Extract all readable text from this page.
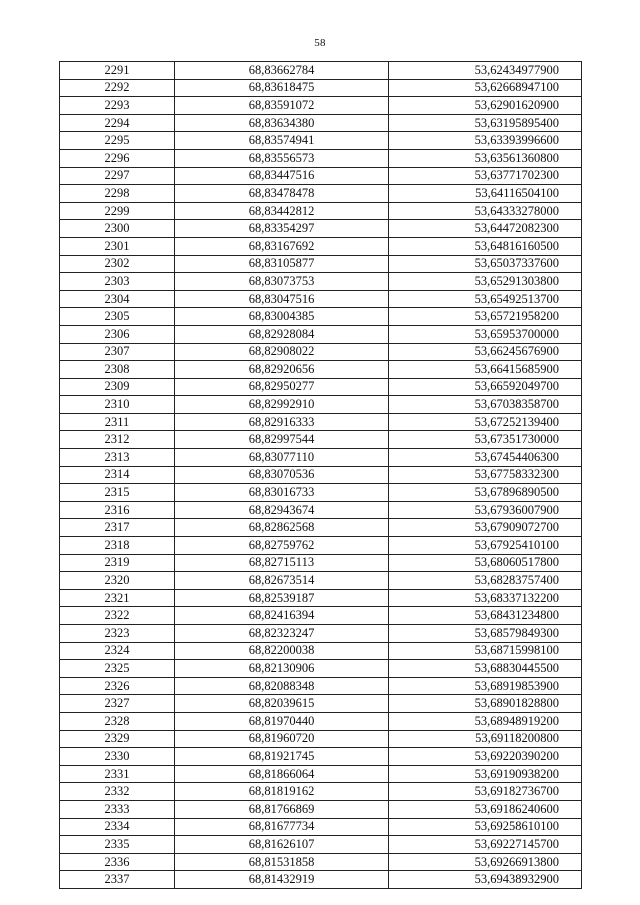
58
2291	68,83662784	53,62434977900
2292	68,83618475	53,62668947100
2293	68,83591072	53,62901620900
2294	68,83634380	53,63195895400
2295	68,83574941	53,63393996600
2296	68,83556573	53,63561360800
2297	68,83447516	53,63771702300
2298	68,83478478	53,64116504100
2299	68,83442812	53,64333278000
2300	68,83354297	53,64472082300
2301	68,83167692	53,64816160500
2302	68,83105877	53,65037337600
2303	68,83073753	53,65291303800
2304	68,83047516	53,65492513700
2305	68,83004385	53,65721958200
2306	68,82928084	53,65953700000
2307	68,82908022	53,66245676900
2308	68,82920656	53,66415685900
2309	68,82950277	53,66592049700
2310	68,82992910	53,67038358700
2311	68,82916333	53,67252139400
2312	68,82997544	53,67351730000
2313	68,83077110	53,67454406300
2314	68,83070536	53,67758332300
2315	68,83016733	53,67896890500
2316	68,82943674	53,67936007900
2317	68,82862568	53,67909072700
2318	68,82759762	53,67925410100
2319	68,82715113	53,68060517800
2320	68,82673514	53,68283757400
2321	68,82539187	53,68337132200
2322	68,82416394	53,68431234800
2323	68,82323247	53,68579849300
2324	68,82200038	53,68715998100
2325	68,82130906	53,68830445500
2326	68,82088348	53,68919853900
2327	68,82039615	53,68901828800
2328	68,81970440	53,68948919200
2329	68,81960720	53,69118200800
2330	68,81921745	53,69220390200
2331	68,81866064	53,69190938200
2332	68,81819162	53,69182736700
2333	68,81766869	53,69186240600
2334	68,81677734	53,69258610100
2335	68,81626107	53,69227145700
2336	68,81531858	53,69266913800
2337	68,81432919	53,69438932900
